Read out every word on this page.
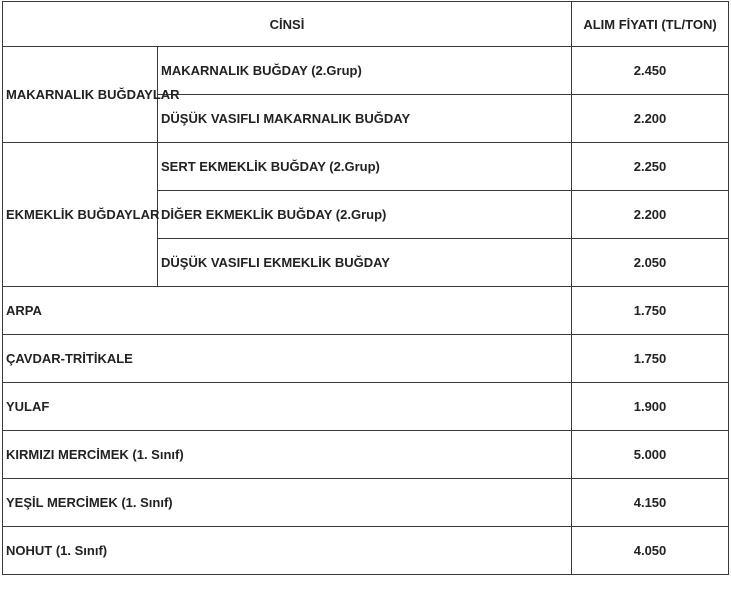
CİNSİ		ALIM FİYATI (TL/TON)
MAKARNALIK BUĞDAYLAR	MAKARNALIK BUĞDAY (2.Grup)	2.450
	DÜŞÜK VASIFLI MAKARNALIK BUĞDAY	2.200
EKMEKLİK BUĞDAYLAR	SERT EKMEKLİK BUĞDAY (2.Grup)	2.250
	DİĞER EKMEKLİK BUĞDAY (2.Grup)	2.200
	DÜŞÜK VASIFLI EKMEKLİK BUĞDAY	2.050
ARPA		1.750
ÇAVDAR-TRİTİKALE		1.750
YULAF		1.900
KIRMIZI MERCİMEK (1. Sınıf)		5.000
YEŞİL MERCİMEK (1. Sınıf)		4.150
NOHUT (1. Sınıf)		4.050
